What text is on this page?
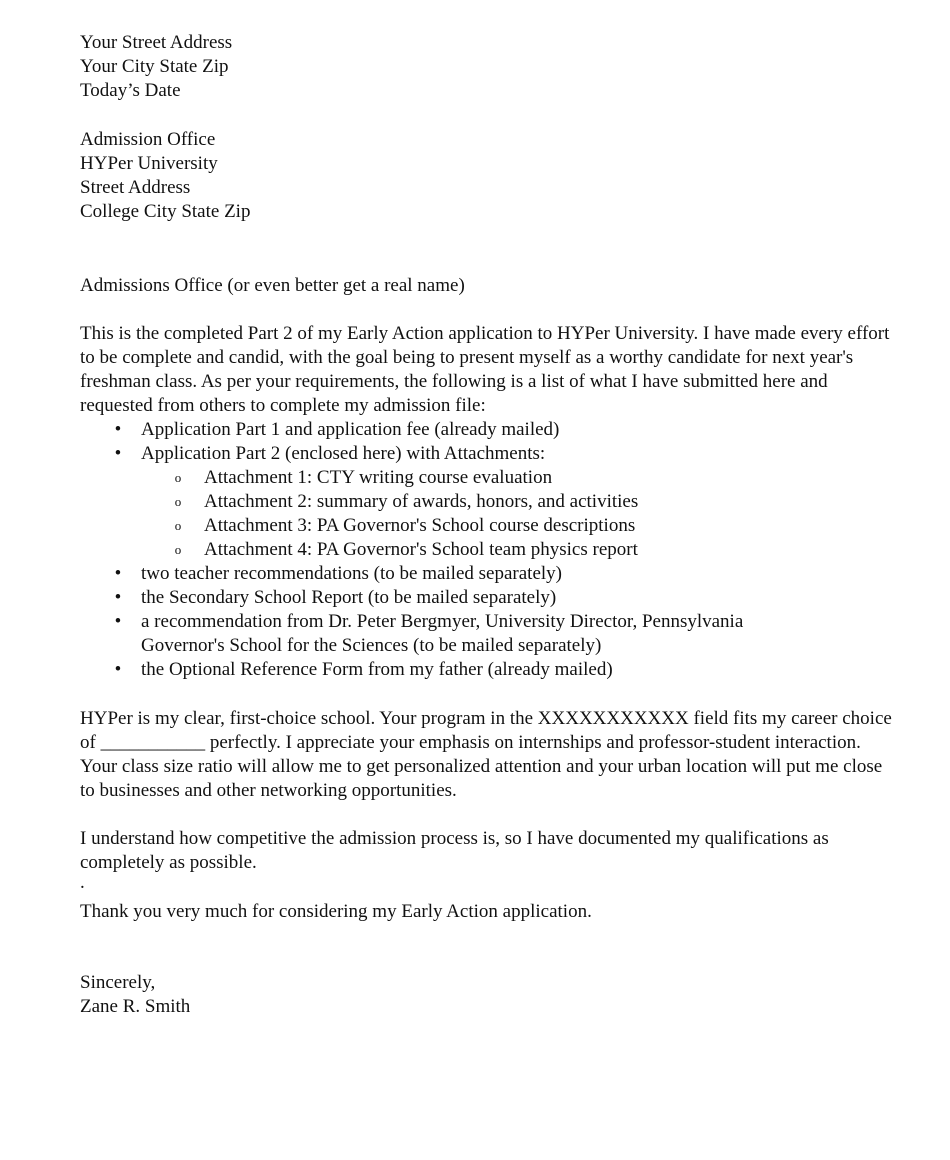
Your Street Address
Your City State Zip
Today’s Date
Admission Office
HYPer University
Street Address
College City State Zip
Admissions Office (or even better get a real name)
This is the completed Part 2 of my Early Action application to HYPer University. I have made every effort to be complete and candid, with the goal being to present myself as a worthy candidate for next year's freshman class. As per your requirements, the following is a list of what I have submitted here and requested from others to complete my admission file:
• Application Part 1 and application fee (already mailed)
• Application Part 2 (enclosed here) with Attachments:
o Attachment 1: CTY writing course evaluation
o Attachment 2: summary of awards, honors, and activities
o Attachment 3: PA Governor's School course descriptions
o Attachment 4: PA Governor's School team physics report
• two teacher recommendations (to be mailed separately)
• the Secondary School Report (to be mailed separately)
• a recommendation from Dr. Peter Bergmyer, University Director, Pennsylvania Governor's School for the Sciences (to be mailed separately)
• the Optional Reference Form from my father (already mailed)
HYPer is my clear, first-choice school. Your program in the XXXXXXXXXXX field fits my career choice of ___________ perfectly. I appreciate your emphasis on internships and professor-student interaction. Your class size ratio will allow me to get personalized attention and your urban location will put me close to businesses and other networking opportunities.
I understand how competitive the admission process is, so I have documented my qualifications as completely as possible.
.
Thank you very much for considering my Early Action application.
Sincerely,
Zane R. Smith
